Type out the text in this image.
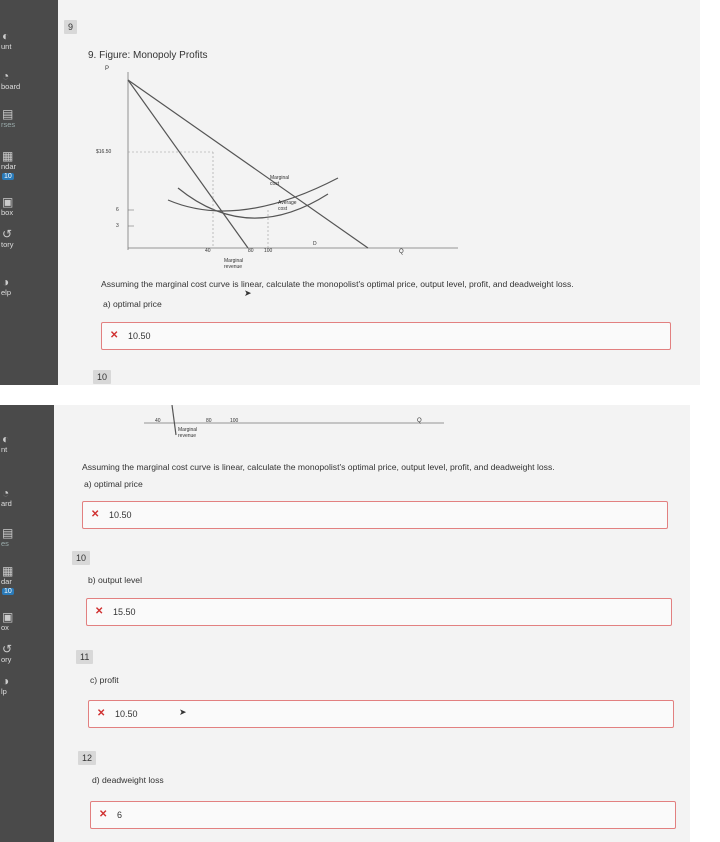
◐
unt
◔
board
▤
rses
▦
ndar
10
▣
box
↺
tory
◑
elp
9
9. Figure: Monopoly Profits
P
$16.50
6
3
40	80 100
Marginal
cost
Average
cost
Marginal
revenue
D
Q
Assuming the marginal cost curve is linear, calculate the monopolist's optimal price, output level, profit, and deadweight loss.
➤
a) optimal price
✕ 10.50
10
◐
nt
◔
ard
▤
es
▦
dar
10
▣
ox
↺
ory
◑
lp
40	80	100
Marginal
revenue
Q
Assuming the marginal cost curve is linear, calculate the monopolist's optimal price, output level, profit, and deadweight loss.
a) optimal price
✕ 10.50
10
b) output level
✕ 15.50
11
c) profit
✕ 10.50	➤
12
d) deadweight loss
✕ 6
